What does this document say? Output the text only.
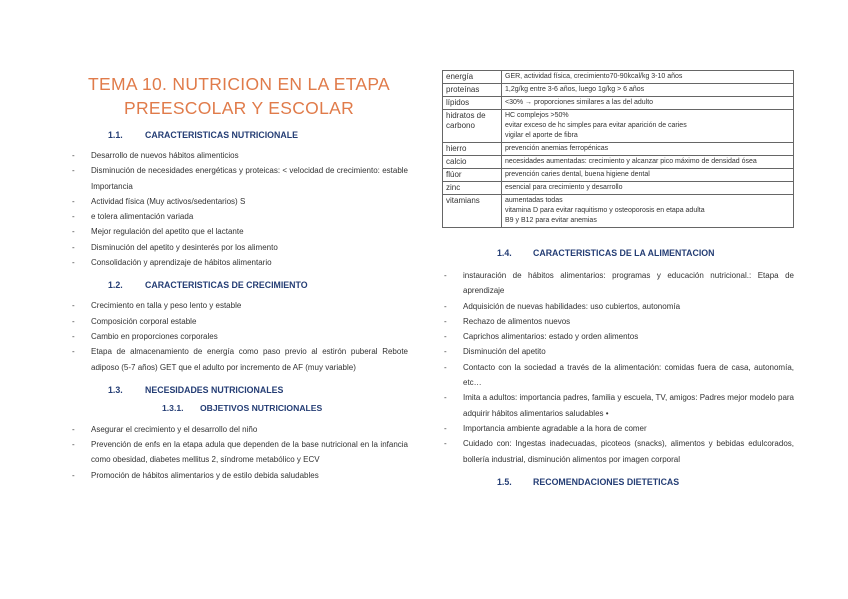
TEMA 10. NUTRICION EN LA ETAPA
PREESCOLAR Y ESCOLAR
1.1.	CARACTERISTICAS NUTRICIONALE
- Desarrollo de nuevos hábitos alimenticios
- Disminución de necesidades energéticas y proteicas: < velocidad de crecimiento: estable Importancia
- Actividad física (Muy activos/sedentarios) S
- e tolera alimentación variada
- Mejor regulación del apetito que el lactante
- Disminución del apetito y desinterés por los alimento
- Consolidación y aprendizaje de hábitos alimentario
1.2.	CARACTERISTICAS DE CRECIMIENTO
- Crecimiento en talla y peso lento y estable
- Composición corporal estable
- Cambio en proporciones corporales
- Etapa de almacenamiento de energía como paso previo al estirón puberal Rebote adiposo (5-7 años) GET que el adulto por incremento de AF (muy variable)
1.3.	NECESIDADES NUTRICIONALES
1.3.1.	OBJETIVOS NUTRICIONALES
- Asegurar el crecimiento y el desarrollo del niño
- Prevención de enfs en la etapa adula que dependen de la base nutricional en la infancia como obesidad, diabetes mellitus 2, síndrome metabólico y ECV
- Promoción de hábitos alimentarios y de estilo debida saludables
energía	GER, actividad física, crecimiento70-90kcal/kg 3-10 años

proteínas	1,2g/kg entre 3-6 años, luego 1g/kg > 6 años

lípidos	<30% → proporciones similares a las del adulto

hidratos de carbono	HC complejos >50%
evitar exceso de hc simples para evitar aparición de caries
vigilar el aporte de fibra

hierro	prevención anemias ferropénicas

calcio	necesidades aumentadas: crecimiento y alcanzar pico máximo de densidad ósea

flúor	prevención caries dental, buena higiene dental

zinc	esencial para crecimiento y desarrollo

vitamians	aumentadas todas
vitamina D para evitar raquitismo y osteoporosis en etapa adulta
B9 y B12 para evitar anemias
1.4.	CARACTERISTICAS DE LA ALIMENTACION
- instauración de hábitos alimentarios: programas y educación nutricional.: Etapa de aprendizaje
- Adquisición de nuevas habilidades: uso cubiertos, autonomía
- Rechazo de alimentos nuevos
- Caprichos alimentarios: estado y orden alimentos
- Disminución del apetito
- Contacto con la sociedad a través de la alimentación: comidas fuera de casa, autonomía, etc…
- Imita a adultos: importancia padres, familia y escuela, TV, amigos: Padres mejor modelo para adquirir hábitos alimentarios saludables •
- Importancia ambiente agradable a la hora de comer
- Cuidado con: Ingestas inadecuadas, picoteos (snacks), alimentos y bebidas edulcorados, bollería industrial, disminución alimentos por imagen corporal
1.5.	RECOMENDACIONES DIETETICAS
